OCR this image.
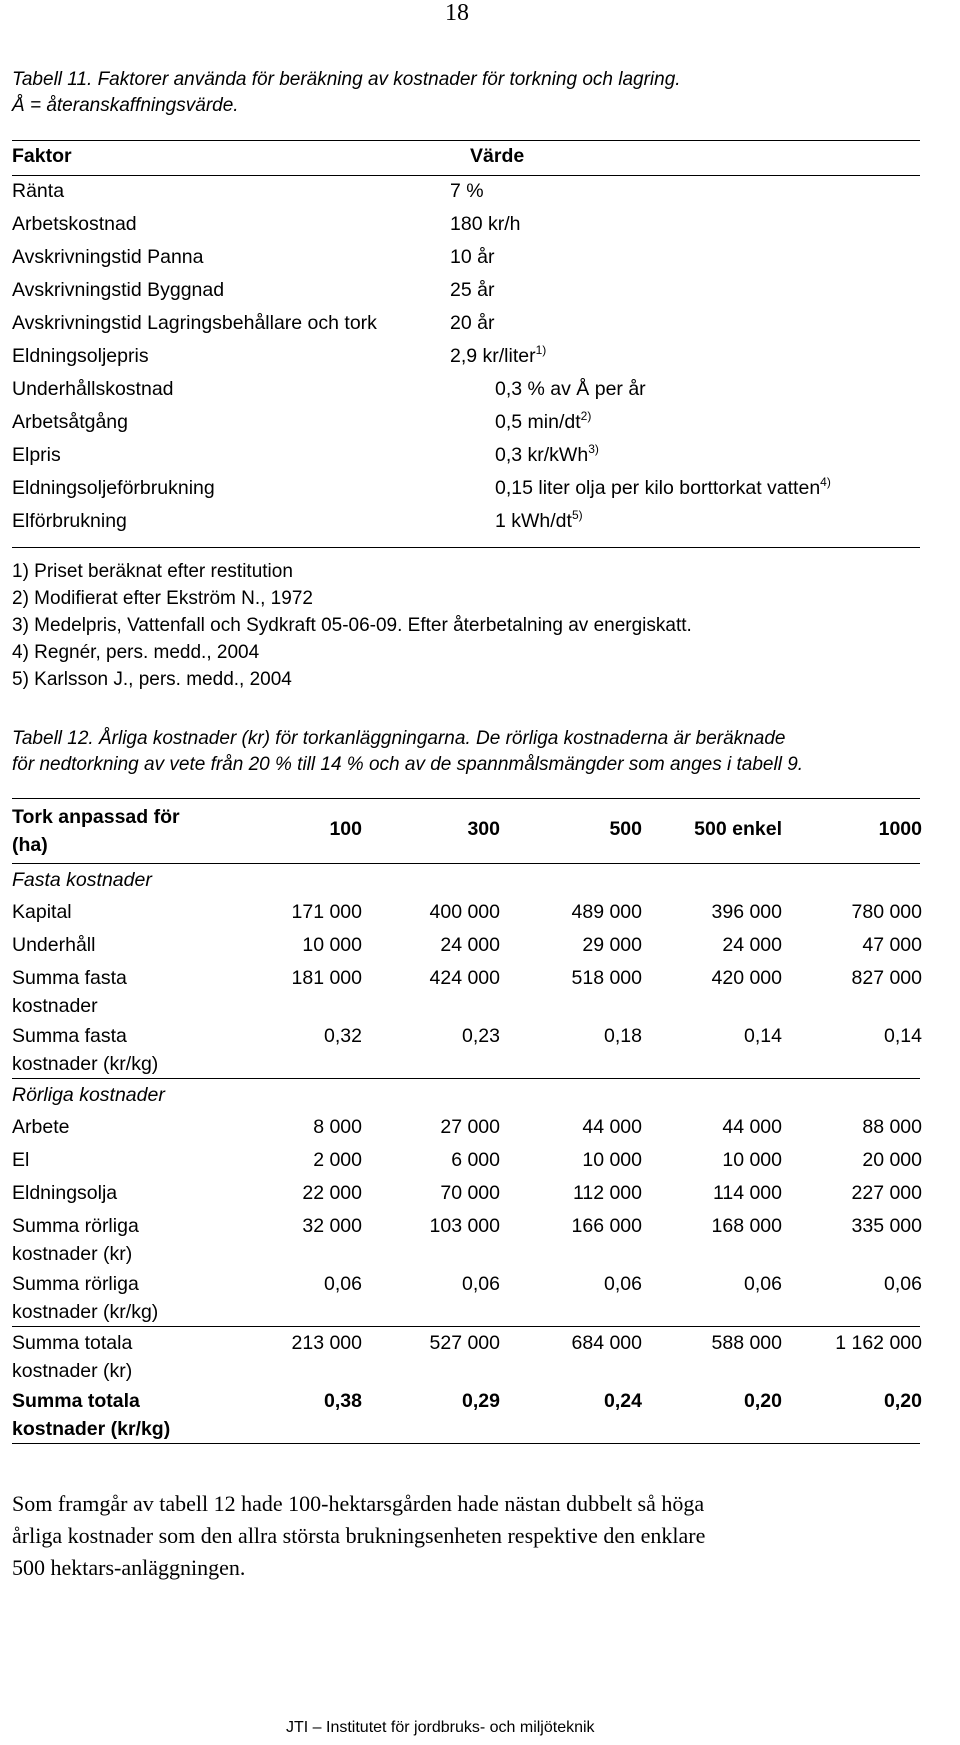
18
Tabell 11. Faktorer använda för beräkning av kostnader för torkning och lagring.
Å = återanskaffningsvärde.
Faktor	Värde
Ränta	7 %
Arbetskostnad	180 kr/h
Avskrivningstid Panna	10 år
Avskrivningstid Byggnad	25 år
Avskrivningstid Lagringsbehållare och tork	20 år
Eldningsoljepris	2,9 kr/liter$^{1)}$
Underhållskostnad	0,3 % av Å per år
Arbetsåtgång	0,5 $\min/dt^{2)}$
Elpris	0,3 kr/kWh$^{3)}$
Eldningsoljeförbrukning	0,15 liter olja per kilo borttorkat vatten$^{4)}$
Elförbrukning	1 kWh/$dt^{5)}$
1) Priset beräknat efter restitution
2) Modifierat efter Ekström N., 1972
3) Medelpris, Vattenfall och Sydkraft 05-06-09. Efter återbetalning av energiskatt.
4) Regnér, pers. medd., 2004
5) Karlsson J., pers. medd., 2004
Tabell 12. Årliga kostnader (kr) för torkanläggningarna. De rörliga kostnaderna är beräknade
för nedtorkning av vete från 20 % till 14 % och av de spannmålsmängder som anges i tabell 9.
Tork anpassad för
(ha)
100	300	500	500 enkel	1000
Fasta kostnader
Kapital	171 000	400 000	489 000	396 000	780 000
Underhåll	10 000	24 000	29 000	24 000	47 000
Summa fasta
kostnader
181 000	424 000	518 000	420 000	827 000
Summa fasta
kostnader (kr/kg)
0,32	0,23	0,18	0,14	0,14
Rörliga kostnader
Arbete	8 000	27 000	44 000	44 000	88 000
El	2 000	6 000	10 000	10 000	20 000
Eldningsolja	22 000	70 000	112 000	114 000	227 000
Summa rörliga
kostnader (kr)
32 000	103 000	166 000	168 000	335 000
Summa rörliga
kostnader (kr/kg)
0,06	0,06	0,06	0,06	0,06
Summa totala
kostnader (kr)
213 000	527 000	684 000	588 000	1 162 000
Summa totala
kostnader (kr/kg)
0,38	0,29	0,24	0,20	0,20
Som framgår av tabell 12 hade 100-hektarsgården hade nästan dubbelt så höga
årliga kostnader som den allra största brukningsenheten respektive den enklare
500 hektars-anläggningen.
JTI – Institutet för jordbruks- och miljöteknik
